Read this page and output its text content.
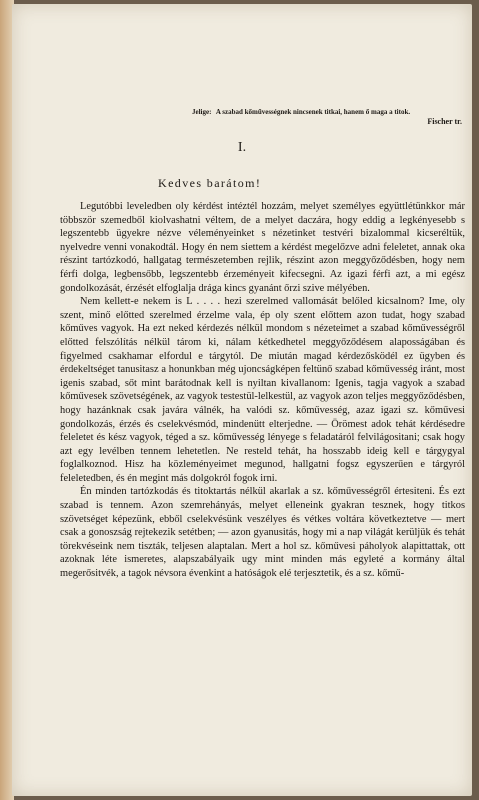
Jelige: A szabad kőművességnek nincsenek titkai, hanem ő maga a titok.
Fischer tr.
I.
Kedves barátom!

Legutóbbi leveledben oly kérdést intéztél hozzám, melyet személyes együttlétünkkor már többször szemedből kiolvashatni véltem, de a melyet daczára, hogy eddig a legkényesebb s legszentebb ügyekre nézve véleményeinket s nézetinket testvéri bizalommal kicseréltük, nyelvedre venni vonakodtál. Hogy én nem siettem a kérdést megelőzve adni feleletet, annak oka részint tartózkodó, hallgatag természetemben rejlik, részint azon meggyőződésben, hogy nem férfi dolga, legbensőbb, legszentebb érzeményeit kifecsegni. Az igazi férfi azt, a mi egész gondolkozását, érzését elfoglalja drága kincs gyanánt őrzi szive mélyében.

Nem kellett-e nekem is L . . . . hezi szerelmed vallomását belőled kicsalnom? Ime, oly szent, minő előtted szerelmed érzelme vala, ép oly szent előttem azon tudat, hogy szabad kőműves vagyok. Ha ezt neked kérdezés nélkül mondom s nézeteimet a szabad kőművességről előtted felszólítás nélkül tárom ki, nálam kétkedhetel meggyőződésem alaposságában és figyelmed csakhamar elfordul e tárgytól. De miután magad kérdezősködél ez ügyben és érdekeltséget tanusitasz a honunkban még ujoncságképen feltünő szabad kőművesség iránt, most igenis szabad, sőt mint barátodnak kell is nyiltan kivallanom: Igenis, tagja vagyok a szabad kőművesek szövetségének, az vagyok testestül-lelkestül, az vagyok azon teljes meggyőződésben, hogy hazánknak csak javára válnék, ha valódi sz. kőművesség, azaz igazi sz. kőművesi gondolkozás, érzés és cselekvésmód, mindenütt elterjedne. — Örömest adok tehát kérdésedre feleletet és kész vagyok, téged a sz. kőművesség lényege s feladatáról felvilágositani; csak hogy azt egy levélben tennem lehetetlen. Ne resteld tehát, ha hosszabb ideig kell e tárgygyal foglalkoznod. Hisz ha közleményeimet megunod, hallgatni fogsz egyszerűen e tárgyról feleletedben, és én megint más dolgokról fogok irni.

Én minden tartózkodás és titoktartás nélkül akarlak a sz. kőművességről értesiteni. És ezt szabad is tennem. Azon szemrehányás, melyet elleneink gyakran tesznek, hogy titkos szövetséget képezünk, ebből cselekvésünk veszélyes és vétkes voltára következtetve — mert csak a gonoszság rejtekezik setétben; — azon gyanusitás, hogy mi a nap világát kerüljük és tehát törekvéseink nem tiszták, teljesen alaptalan. Mert a hol sz. kőművesi páholyok alapittattak, ott azoknak léte ismeretes, alapszabályaik ugy mint minden más egyleté a kormány által megerősitvék, a tagok névsora évenkint a hatóságok elé terjesztetik, és a sz. kőmű-
